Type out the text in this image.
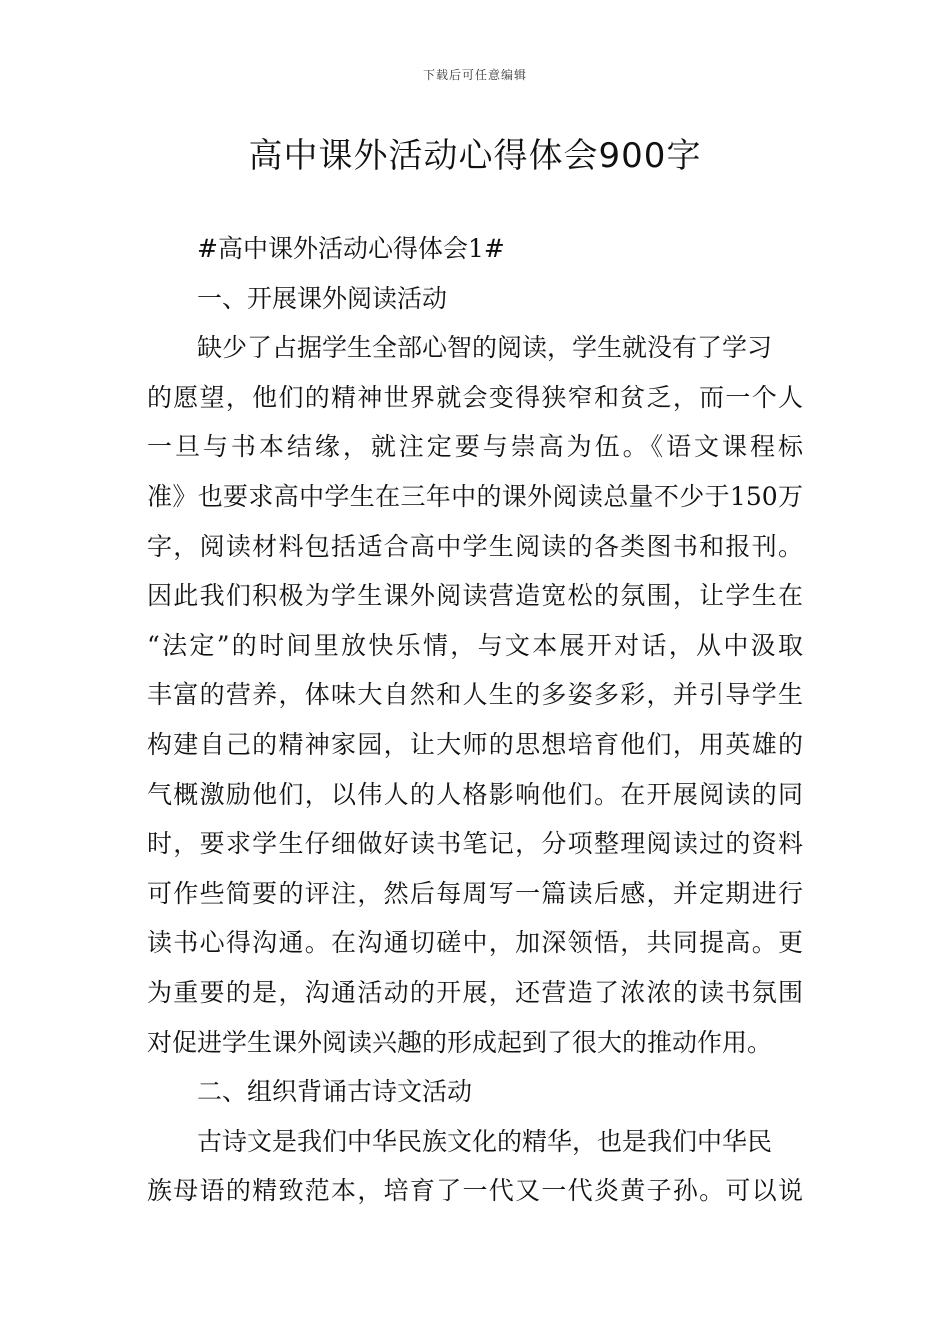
下载后可任意编辑
高中课外活动心得体会900字
#高中课外活动心得体会1#
一、开展课外阅读活动
缺少了占据学生全部心智的阅读，学生就没有了学习
的愿望，他们的精神世界就会变得狭窄和贫乏，而一个人
一旦与书本结缘，就注定要与崇高为伍。《语文课程标
准》也要求高中学生在三年中的课外阅读总量不少于150万
字，阅读材料包括适合高中学生阅读的各类图书和报刊。
因此我们积极为学生课外阅读营造宽松的氛围，让学生在
“法定”的时间里放快乐情，与文本展开对话，从中汲取
丰富的营养，体味大自然和人生的多姿多彩，并引导学生
构建自己的精神家园，让大师的思想培育他们，用英雄的
气概激励他们，以伟人的人格影响他们。在开展阅读的同
时，要求学生仔细做好读书笔记，分项整理阅读过的资料
可作些简要的评注，然后每周写一篇读后感，并定期进行
读书心得沟通。在沟通切磋中，加深领悟，共同提高。更
为重要的是，沟通活动的开展，还营造了浓浓的读书氛围
对促进学生课外阅读兴趣的形成起到了很大的推动作用。
二、组织背诵古诗文活动
古诗文是我们中华民族文化的精华，也是我们中华民
族母语的精致范本，培育了一代又一代炎黄子孙。可以说
